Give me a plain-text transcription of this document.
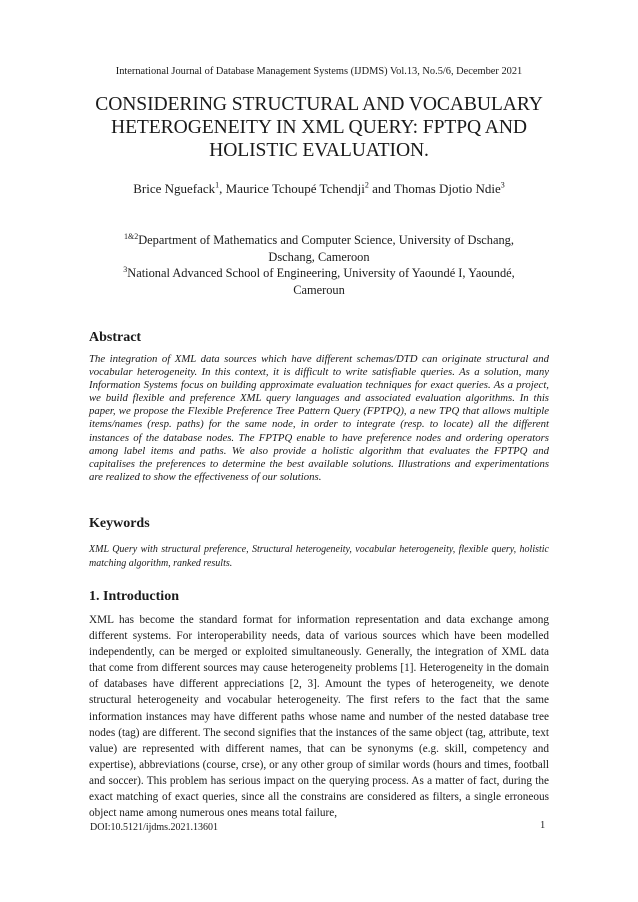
International Journal of Database Management Systems (IJDMS) Vol.13, No.5/6, December 2021
CONSIDERING STRUCTURAL AND VOCABULARY
HETEROGENEITY IN XML QUERY: FPTPQ AND
HOLISTIC EVALUATION.
Brice Nguefack$^1$, Maurice Tchoupé Tchendji$^2$ and Thomas Djotio Ndie$^3$
$^{1\&2}$Department of Mathematics and Computer Science, University of Dschang,
Dschang, Cameroon
$^3$National Advanced School of Engineering, University of Yaoundé I, Yaoundé,
Cameroun
Abstract
The integration of XML data sources which have different schemas/DTD can originate structural and vocabular heterogeneity. In this context, it is difficult to write satisfiable queries. As a solution, many Information Systems focus on building approximate evaluation techniques for exact queries. As a project, we build flexible and preference XML query languages and associated evaluation algorithms. In this paper, we propose the Flexible Preference Tree Pattern Query (FPTPQ), a new TPQ that allows multiple items/names (resp. paths) for the same node, in order to integrate (resp. to locate) all the different instances of the database nodes. The FPTPQ enable to have preference nodes and ordering operators among label items and paths. We also provide a holistic algorithm that evaluates the FPTPQ and capitalises the preferences to determine the best available solutions. Illustrations and experimentations are realized to show the effectiveness of our solutions.
Keywords
XML Query with structural preference, Structural heterogeneity, vocabular heterogeneity, flexible query, holistic matching algorithm, ranked results.
1. Introduction
XML has become the standard format for information representation and data exchange among different systems. For interoperability needs, data of various sources which have been modelled independently, can be merged or exploited simultaneously. Generally, the integration of XML data that come from different sources may cause heterogeneity problems [1]. Heterogeneity in the domain of databases have different appreciations [2, 3]. Amount the types of heterogeneity, we denote structural heterogeneity and vocabular heterogeneity. The first refers to the fact that the same information instances may have different paths whose name and number of the nested database tree nodes (tag) are different. The second signifies that the instances of the same object (tag, attribute, text value) are represented with different names, that can be synonyms (e.g. skill, competency and expertise), abbreviations (course, crse), or any other group of similar words (hours and times, football and soccer). This problem has serious impact on the querying process. As a matter of fact, during the exact matching of exact queries, since all the constrains are considered as filters, a single erroneous object name among numerous ones means total failure,
DOI:10.5121/ijdms.2021.13601	1
